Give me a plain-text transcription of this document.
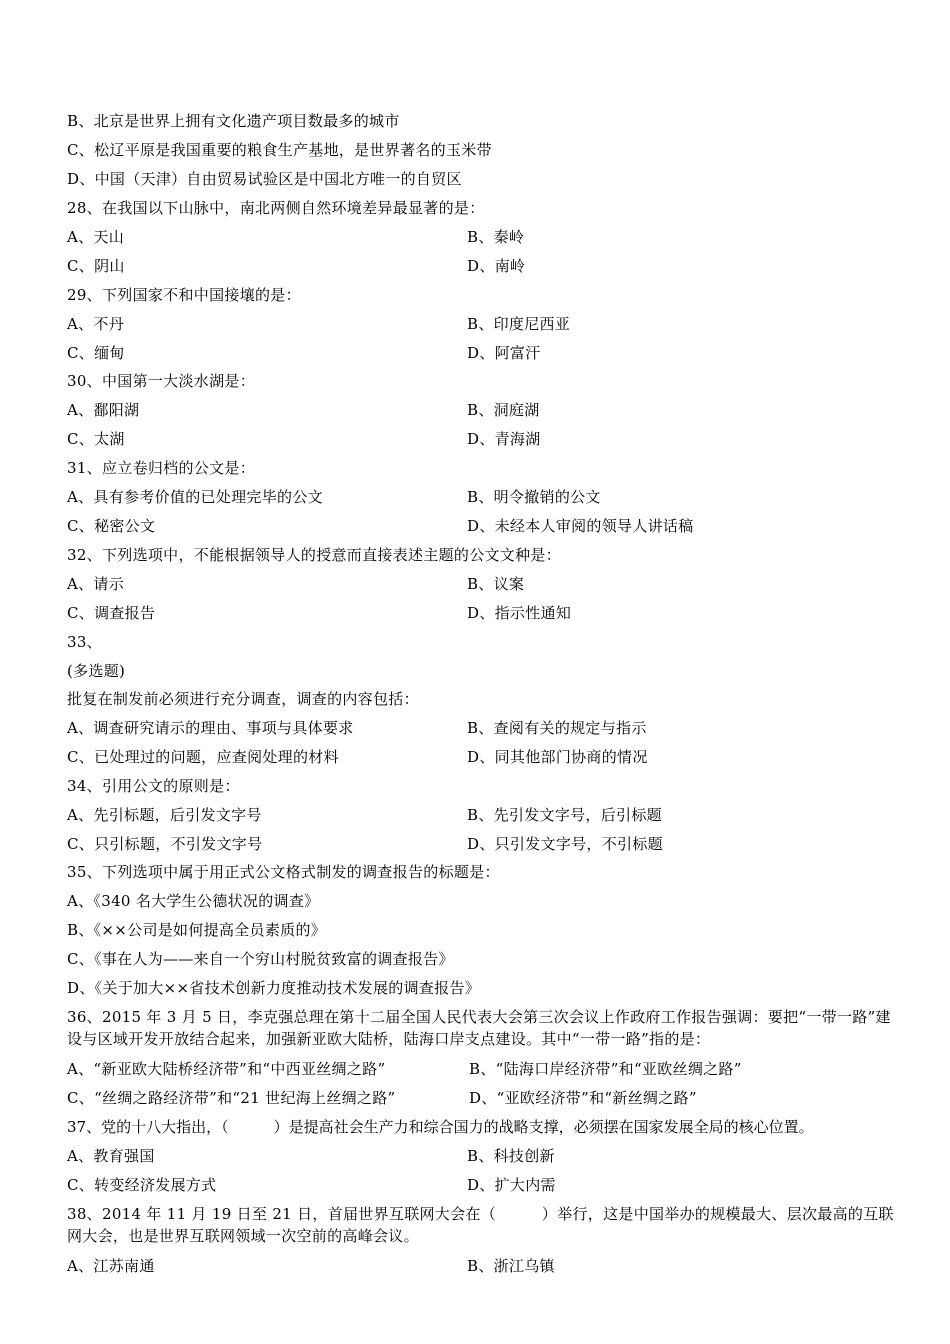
B、北京是世界上拥有文化遗产项目数最多的城市
C、松辽平原是我国重要的粮食生产基地，是世界著名的玉米带
D、中国（天津）自由贸易试验区是中国北方唯一的自贸区
28、在我国以下山脉中，南北两侧自然环境差异最显著的是：
A、天山	B、秦岭
C、阴山	D、南岭
29、下列国家不和中国接壤的是：
A、不丹	B、印度尼西亚
C、缅甸	D、阿富汗
30、中国第一大淡水湖是：
A、鄱阳湖	B、洞庭湖
C、太湖	D、青海湖
31、应立卷归档的公文是：
A、具有参考价值的已处理完毕的公文	B、明令撤销的公文
C、秘密公文	D、未经本人审阅的领导人讲话稿
32、下列选项中，不能根据领导人的授意而直接表述主题的公文文种是：
A、请示	B、议案
C、调查报告	D、指示性通知
33、
(多选题)
批复在制发前必须进行充分调查，调查的内容包括：
A、调查研究请示的理由、事项与具体要求	B、查阅有关的规定与指示
C、已处理过的问题，应查阅处理的材料	D、同其他部门协商的情况
34、引用公文的原则是：
A、先引标题，后引发文字号	B、先引发文字号，后引标题
C、只引标题，不引发文字号	D、只引发文字号，不引标题
35、下列选项中属于用正式公文格式制发的调查报告的标题是：
A、《340 名大学生公德状况的调查》
B、《××公司是如何提高全员素质的》
C、《事在人为——来自一个穷山村脱贫致富的调查报告》
D、《关于加大××省技术创新力度推动技术发展的调查报告》
36、2015 年 3 月 5 日，李克强总理在第十二届全国人民代表大会第三次会议上作政府工作报告强调：要把“一带一路”建设与区域开发开放结合起来，加强新亚欧大陆桥，陆海口岸支点建设。其中“一带一路”指的是：
A、“新亚欧大陆桥经济带”和“中西亚丝绸之路”	B、“陆海口岸经济带”和“亚欧丝绸之路”
C、“丝绸之路经济带”和“21 世纪海上丝绸之路”	D、“亚欧经济带”和“新丝绸之路”
37、党的十八大指出，（　　　）是提高社会生产力和综合国力的战略支撑，必须摆在国家发展全局的核心位置。
A、教育强国	B、科技创新
C、转变经济发展方式	D、扩大内需
38、2014 年 11 月 19 日至 21 日，首届世界互联网大会在（　　　）举行，这是中国举办的规模最大、层次最高的互联网大会，也是世界互联网领域一次空前的高峰会议。
A、江苏南通	B、浙江乌镇
